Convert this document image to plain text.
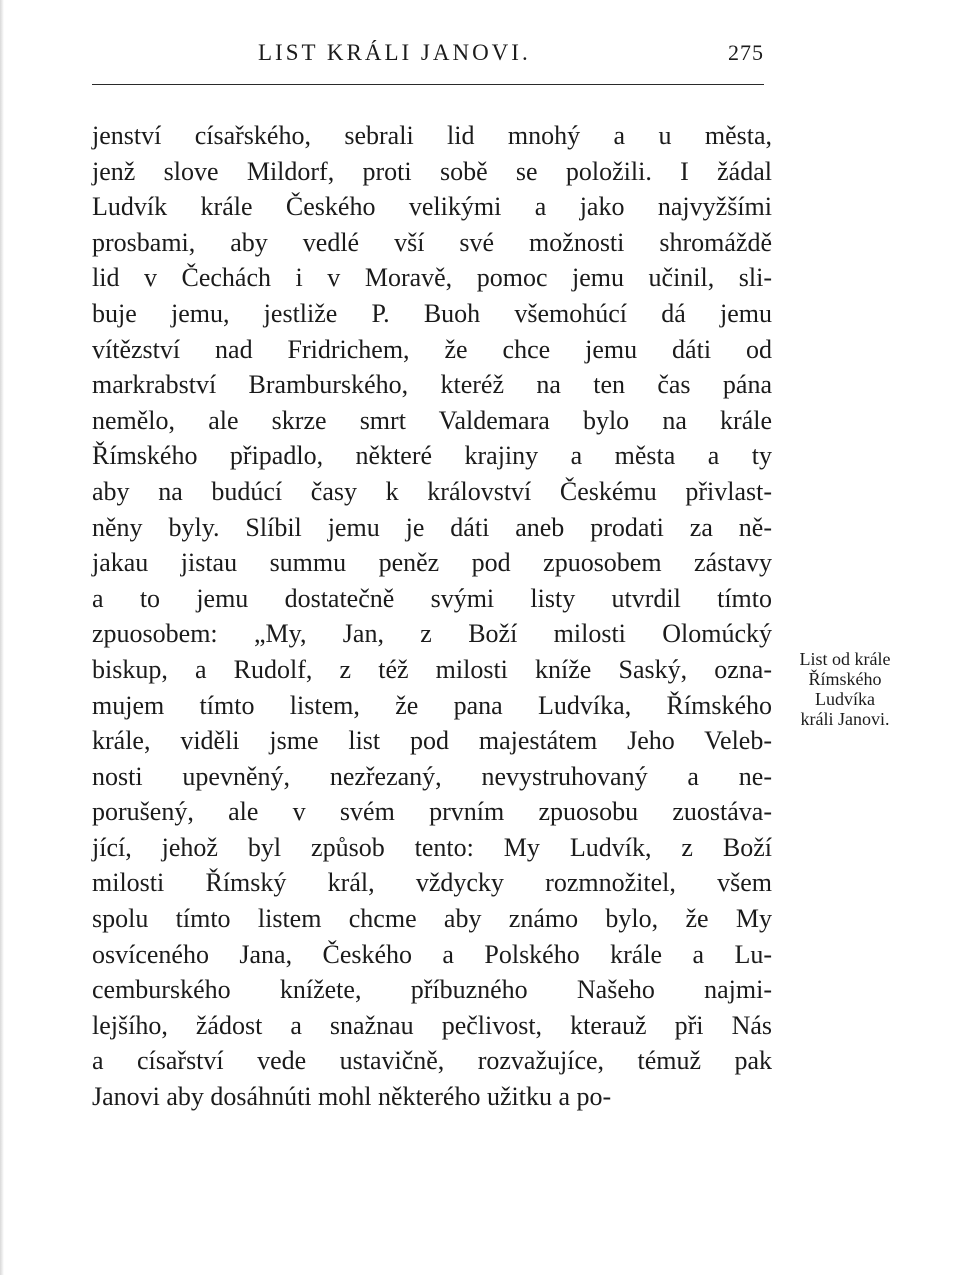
LIST KRÁLI JANOVI.	275
jenství císařského, sebrali lid mnohý a u města,
jenž slove Mildorf, proti sobě se položili. I žádal
Ludvík krále Českého velikými a jako najvyžšími
prosbami, aby vedlé vší své možnosti shromáždě
lid v Čechách i v Moravě, pomoc jemu učinil, sli-
buje jemu, jestliže P. Buoh všemohúcí dá jemu
vítězství nad Fridrichem, že chce jemu dáti od
markrabství Bramburského, kteréž na ten čas pána
nemělo, ale skrze smrt Valdemara bylo na krále
Římského připadlo, některé krajiny a města a ty
aby na budúcí časy k království Českému přivlast-
něny byly. Slíbil jemu je dáti aneb prodati za ně-
jakau jistau summu peněz pod zpuosobem zástavy
a to jemu dostatečně svými listy utvrdil tímto
zpuosobem: „My, Jan, z Boží milosti Olomúcký
biskup, a Rudolf, z též milosti kníže Saský, ozna-
mujem tímto listem, že pana Ludvíka, Římského
krále, viděli jsme list pod majestátem Jeho Veleb-
nosti upevněný, nezřezaný, nevystruhovaný a ne-
porušený, ale v svém prvním zpuosobu zuostáva-
jící, jehož byl způsob tento: My Ludvík, z Boží
milosti Římský král, vždycky rozmnožitel, všem
spolu tímto listem chcme aby známo bylo, že My
osvíceného Jana, Českého a Polského krále a Lu-
cemburského knížete, příbuzného Našeho najmi-
lejšího, žádost a snažnau pečlivost, kterauž při Nás
a císařství vede ustavičně, rozvažujíce, témuž pak
Janovi aby dosáhnúti mohl některého užitku a po-
List od krále
Římského
Ludvíka
králi Janovi.
